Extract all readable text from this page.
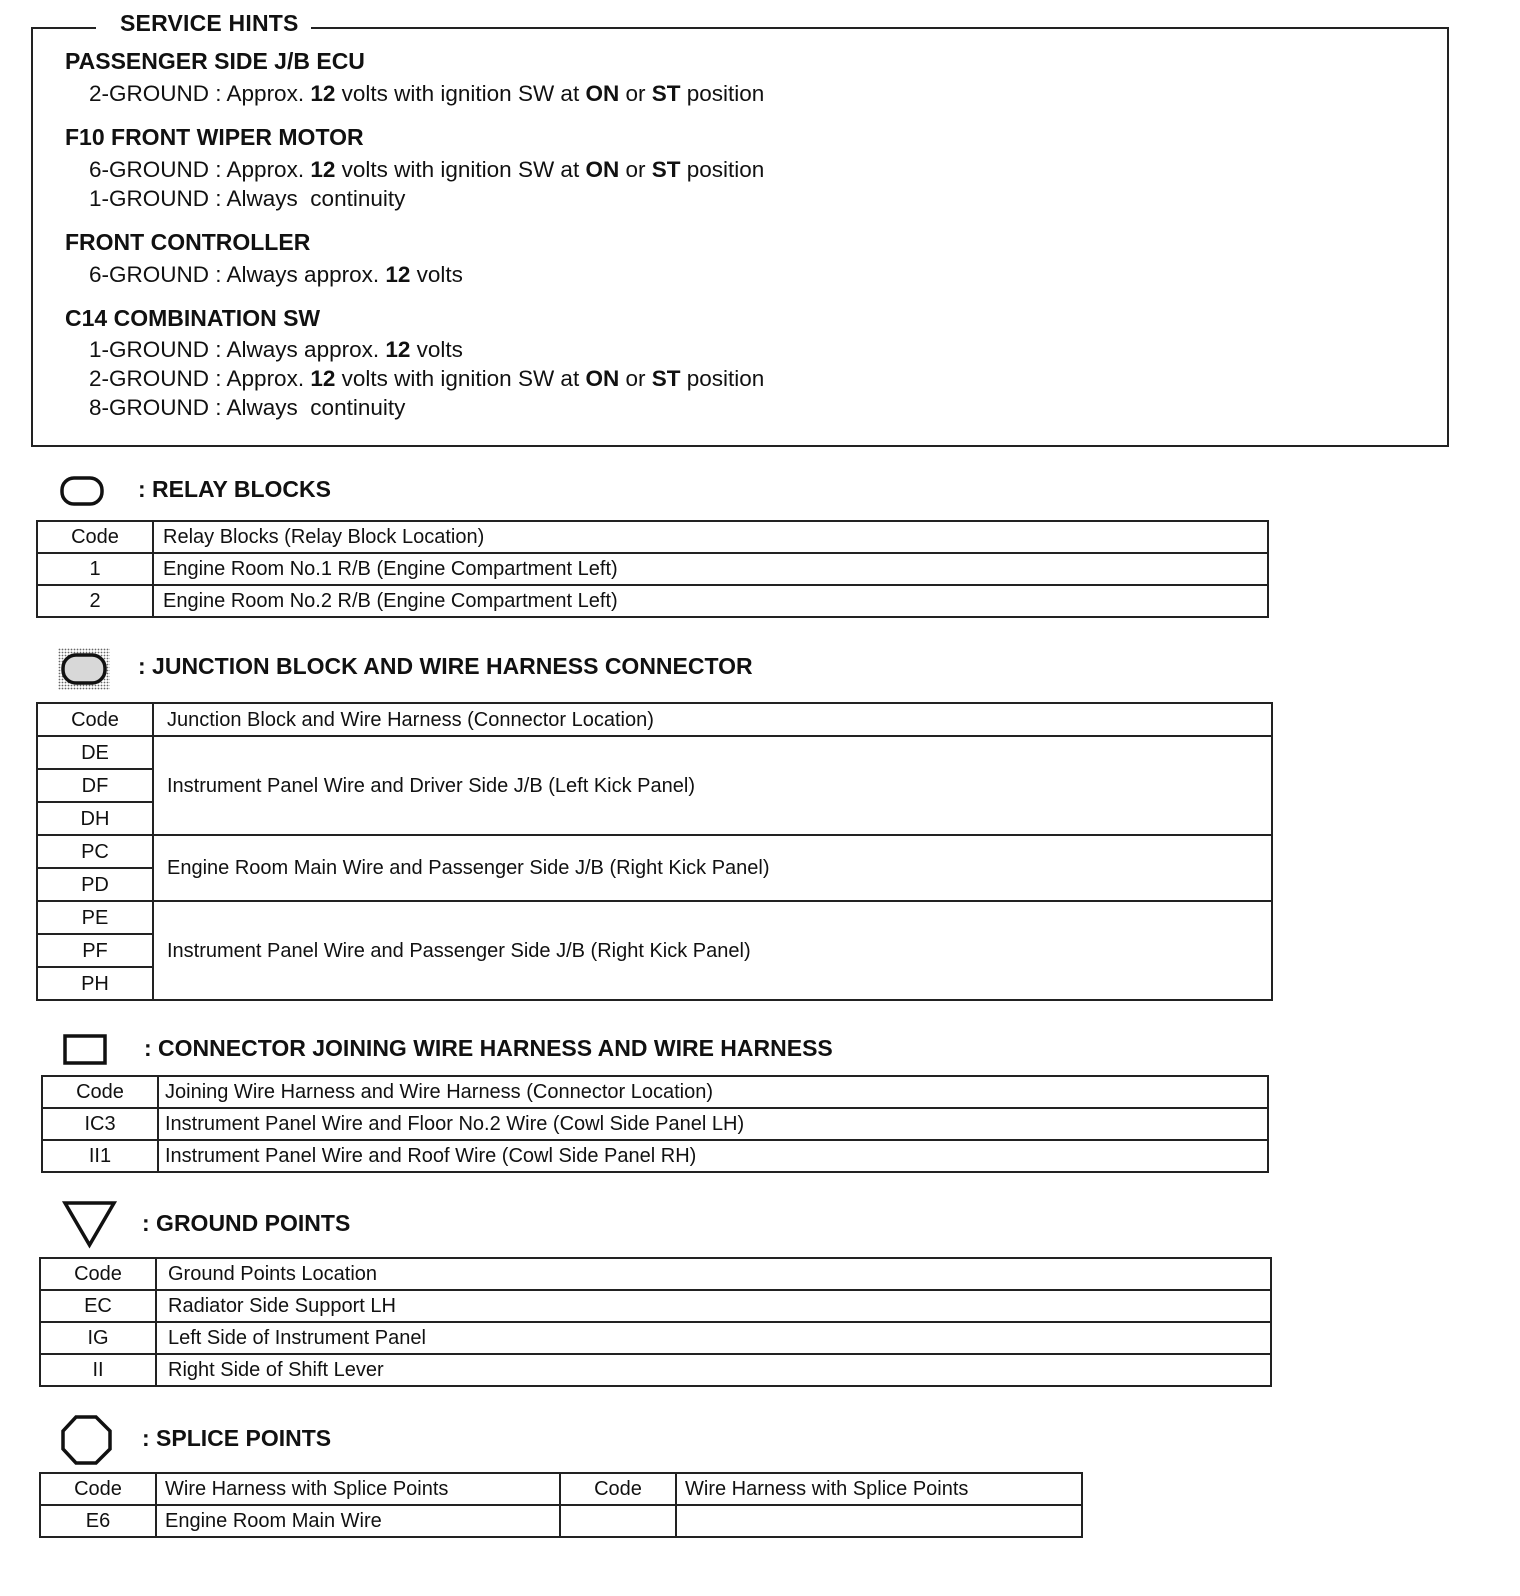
SERVICE HINTS
PASSENGER SIDE J/B ECU
2-GROUND : Approx. 12 volts with ignition SW at ON or ST position
F10 FRONT WIPER MOTOR
6-GROUND : Approx. 12 volts with ignition SW at ON or ST position
1-GROUND : Always  continuity
FRONT CONTROLLER
6-GROUND : Always approx. 12 volts
C14 COMBINATION SW
1-GROUND : Always approx. 12 volts
2-GROUND : Approx. 12 volts with ignition SW at ON or ST position
8-GROUND : Always  continuity
: RELAY BLOCKS
Code	Relay Blocks (Relay Block Location)
1	Engine Room No.1 R/B (Engine Compartment Left)
2	Engine Room No.2 R/B (Engine Compartment Left)
: JUNCTION BLOCK AND WIRE HARNESS CONNECTOR
Code	Junction Block and Wire Harness (Connector Location)
DE	Instrument Panel Wire and Driver Side J/B (Left Kick Panel)
DF	
DH	
PC	Engine Room Main Wire and Passenger Side J/B (Right Kick Panel)
PD	
PE	Instrument Panel Wire and Passenger Side J/B (Right Kick Panel)
PF	
PH	
: CONNECTOR JOINING WIRE HARNESS AND WIRE HARNESS
Code	Joining Wire Harness and Wire Harness (Connector Location)
IC3	Instrument Panel Wire and Floor No.2 Wire (Cowl Side Panel LH)
II1	Instrument Panel Wire and Roof Wire (Cowl Side Panel RH)
: GROUND POINTS
Code	Ground Points Location
EC	Radiator Side Support LH
IG	Left Side of Instrument Panel
II	Right Side of Shift Lever
: SPLICE POINTS
Code	Wire Harness with Splice Points	Code	Wire Harness with Splice Points
E6	Engine Room Main Wire		
